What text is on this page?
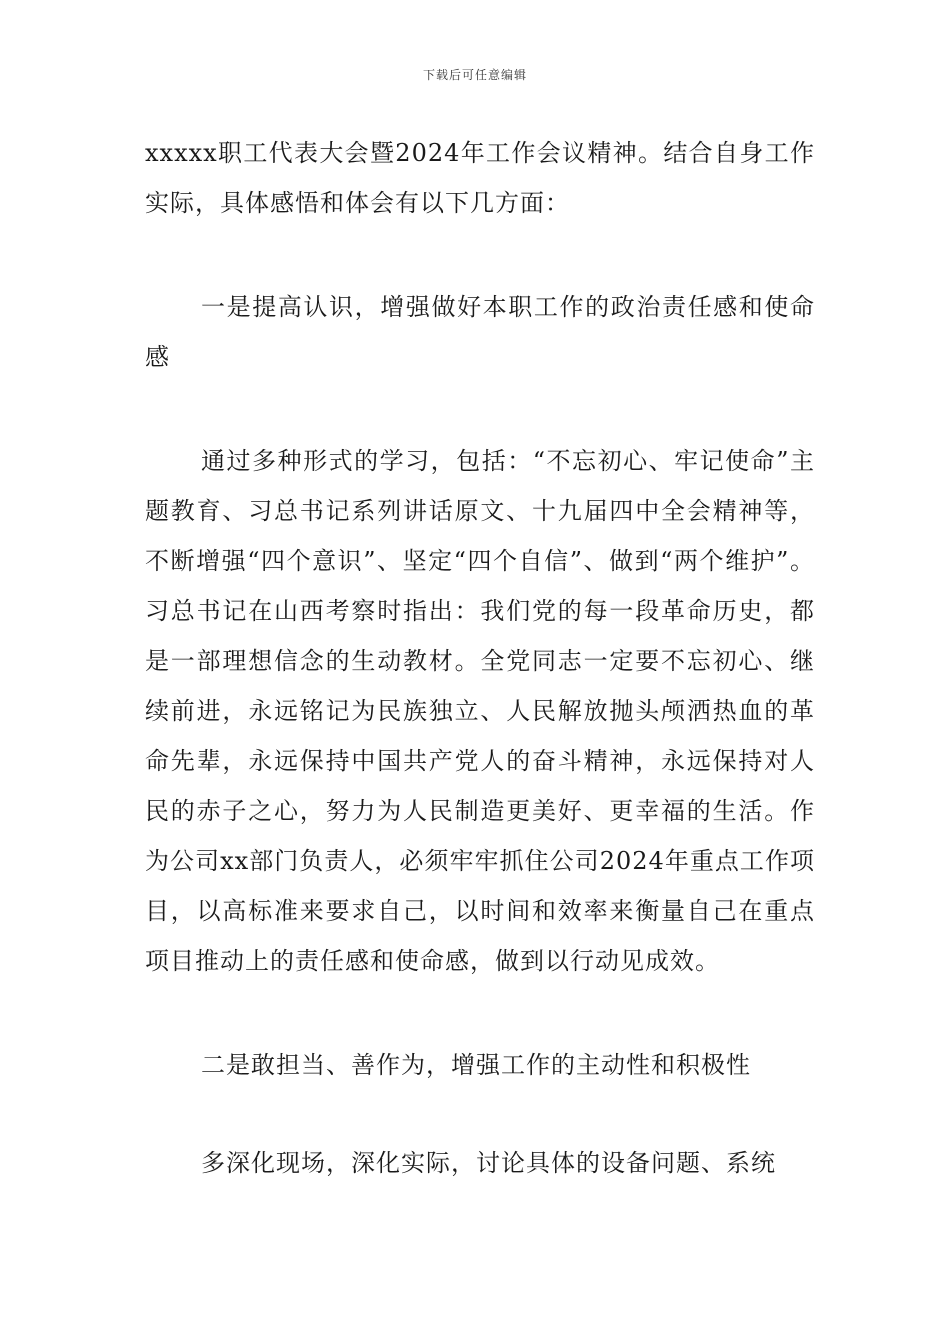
下载后可任意编辑

xxxxx职工代表大会暨2024年工作会议精神。结合自身工作实际，具体感悟和体会有以下几方面：

一是提高认识，增强做好本职工作的政治责任感和使命感

通过多种形式的学习，包括：“不忘初心、牢记使命”主题教育、习总书记系列讲话原文、十九届四中全会精神等，不断增强“四个意识”、坚定“四个自信”、做到“两个维护”。习总书记在山西考察时指出：我们党的每一段革命历史，都是一部理想信念的生动教材。全党同志一定要不忘初心、继续前进，永远铭记为民族独立、人民解放抛头颅洒热血的革命先辈，永远保持中国共产党人的奋斗精神，永远保持对人民的赤子之心，努力为人民制造更美好、更幸福的生活。作为公司xx部门负责人，必须牢牢抓住公司2024年重点工作项目，以高标准来要求自己，以时间和效率来衡量自己在重点项目推动上的责任感和使命感，做到以行动见成效。

二是敢担当、善作为，增强工作的主动性和积极性

多深化现场，深化实际，讨论具体的设备问题、系统
